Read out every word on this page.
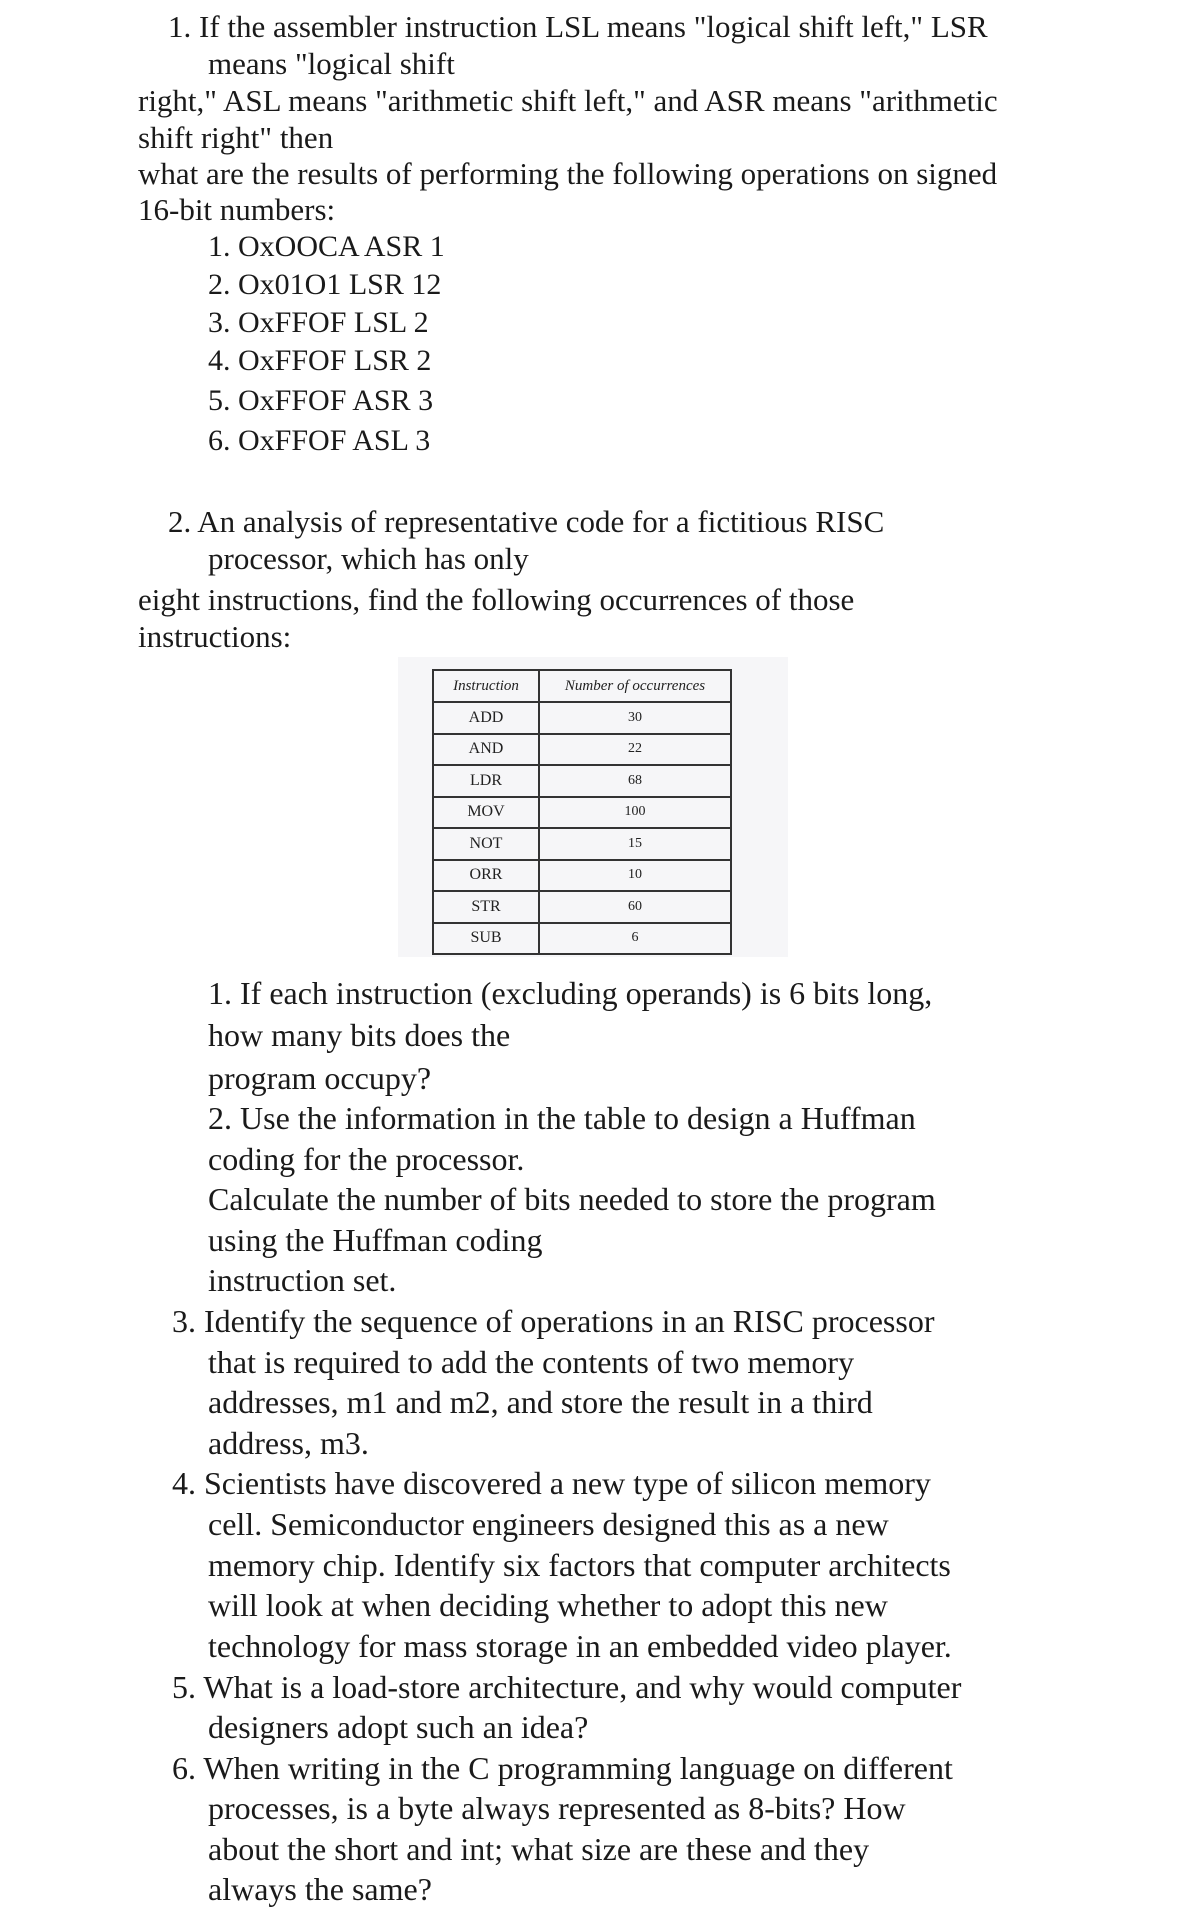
1. If the assembler instruction LSL means "logical shift left," LSR
means "logical shift
right," ASL means "arithmetic shift left," and ASR means "arithmetic
shift right" then
what are the results of performing the following operations on signed
16-bit numbers:
1. OxOOCA ASR 1
2. Ox01O1 LSR 12
3. OxFFOF LSL 2
4. OxFFOF LSR 2
5. OxFFOF ASR 3
6. OxFFOF ASL 3
2. An analysis of representative code for a fictitious RISC
processor, which has only
eight instructions, find the following occurrences of those
instructions:
Instruction	Number of occurrences
ADD	30
AND	22
LDR	68
MOV	100
NOT	15
ORR	10
STR	60
SUB	6
1. If each instruction (excluding operands) is 6 bits long,
how many bits does the
program occupy?
2. Use the information in the table to design a Huffman
coding for the processor.
Calculate the number of bits needed to store the program
using the Huffman coding
instruction set.
3. Identify the sequence of operations in an RISC processor
that is required to add the contents of two memory
addresses, m1 and m2, and store the result in a third
address, m3.
4. Scientists have discovered a new type of silicon memory
cell. Semiconductor engineers designed this as a new
memory chip. Identify six factors that computer architects
will look at when deciding whether to adopt this new
technology for mass storage in an embedded video player.
5. What is a load-store architecture, and why would computer
designers adopt such an idea?
6. When writing in the C programming language on different
processes, is a byte always represented as 8-bits? How
about the short and int; what size are these and they
always the same?
